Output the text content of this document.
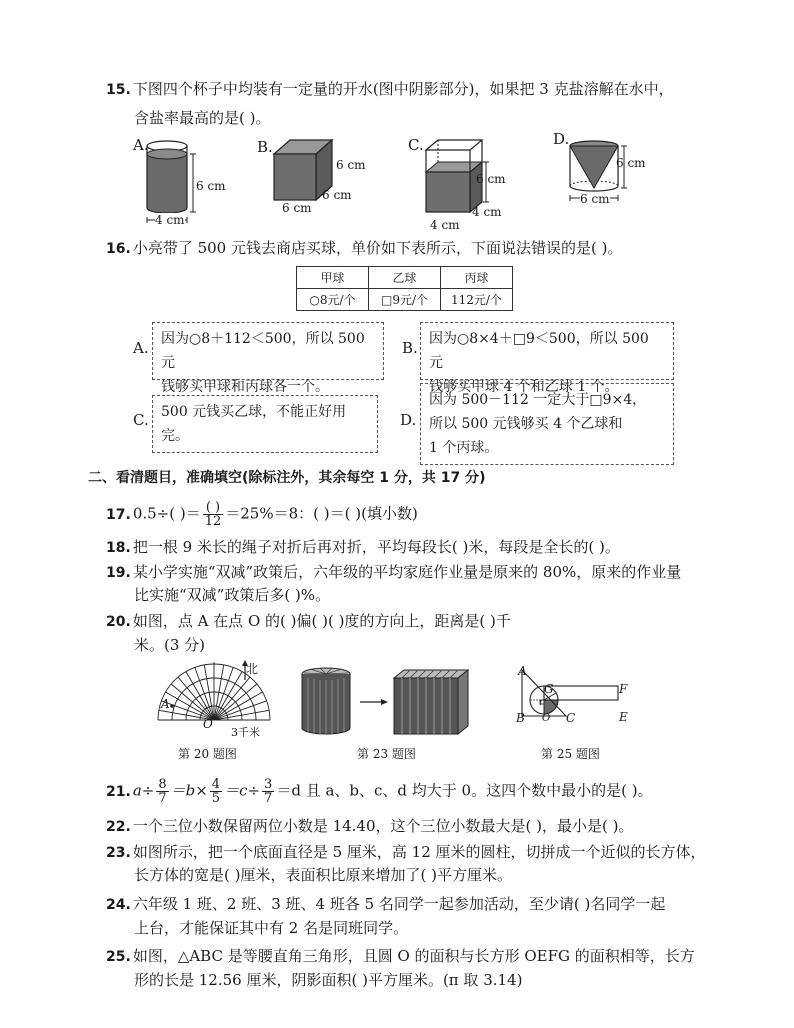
15. 下图四个杯子中均装有一定量的开水(图中阴影部分)，如果把 3 克盐溶解在水中，
含盐率最高的是( )。
A.	B.	C.	D.
6 cm
4 cm
6 cm
6 cm
6 cm
6 cm
4 cm
4 cm
6 cm
6 cm
16. 小亮带了 500 元钱去商店买球，单价如下表所示，下面说法错误的是( )。
甲球	乙球	丙球
○8元/个	□9元/个	112元/个
A. 因为○8＋112＜500，所以 500 元
钱够买甲球和丙球各一个。
B. 因为○8×4＋□9＜500，所以 500 元
钱够买甲球 4 个和乙球 1 个。
C. 500 元钱买乙球，不能正好用
完。
D.
因为 500－112 一定大于□9×4，
所以 500 元钱够买 4 个乙球和
1 个丙球。
二、看清题目，准确填空(除标注外，其余每空 1 分，共 17 分)
17. 0.5÷( )＝ $\frac{( )}{12} =25\%=8$：( )＝( )(填小数)
18. 把一根 9 米长的绳子对折后再对折，平均每段长( )米，每段是全长的( )。
19. 某小学实施“双减”政策后，六年级的平均家庭作业量是原来的 80%，原来的作业量
比实施“双减”政策后多( )%。
20. 如图，点 A 在点 O 的( )偏( )( )度的方向上，距离是( )千
米。(3 分)
北
A
O
3千米
第 20 题图	第 23 题图
A
B	C
G	F
E
O
r
第 25 题图
21. $a\div \frac{8}{7} =b\times \frac{4}{5} =c\div \frac{3}{7} =d$ 且 a、b、c、d 均大于 0。这四个数中最小的是( )。
22. 一个三位小数保留两位小数是 14.40，这个三位小数最大是( )，最小是( )。
23. 如图所示，把一个底面直径是 5 厘米，高 12 厘米的圆柱，切拼成一个近似的长方体，
长方体的宽是( )厘米，表面积比原来增加了( )平方厘米。
24. 六年级 1 班、2 班、3 班、4 班各 5 名同学一起参加活动，至少请( )名同学一起
上台，才能保证其中有 2 名是同班同学。
25. 如图，△ABC 是等腰直角三角形，且圆 O 的面积与长方形 OEFG 的面积相等，长方
形的长是 12.56 厘米，阴影面积( )平方厘米。(π 取 3.14)
